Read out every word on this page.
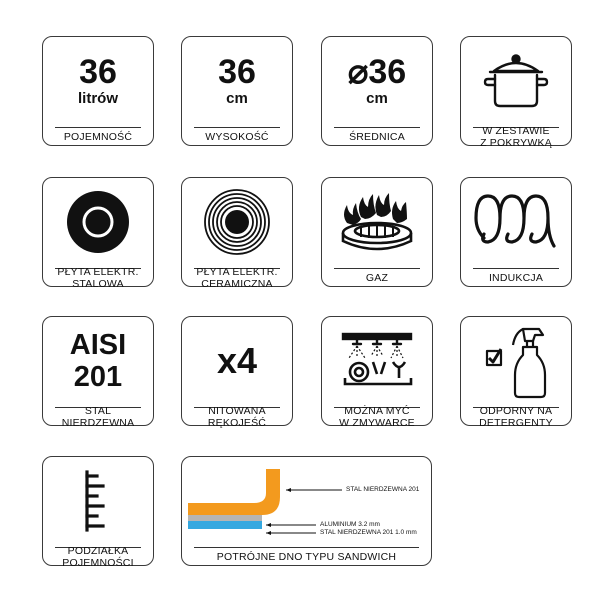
36
litrów
POJEMNOŚĆ
36
cm
WYSOKOŚĆ
⌀36
cm
ŚREDNICA	W ZESTAWIE
Z POKRYWKĄ
PŁYTA ELEKTR.
STALOWA
PŁYTA ELEKTR.
CERAMICZNA	GAZ	INDUKCJA
AISI
201
STAL
NIERDZEWNA
x4
NITOWANA
RĘKOJEŚĆ
MOŻNA MYĆ
W ZMYWARCE
ODPORNY NA
DETERGENTY
PODZIAŁKA
POJEMNOŚCI
STAL NIERDZEWNA 201
ALUMINIUM 3.2 mm
STAL NIERDZEWNA 201 1.0 mm
POTRÓJNE DNO TYPU SANDWICH
